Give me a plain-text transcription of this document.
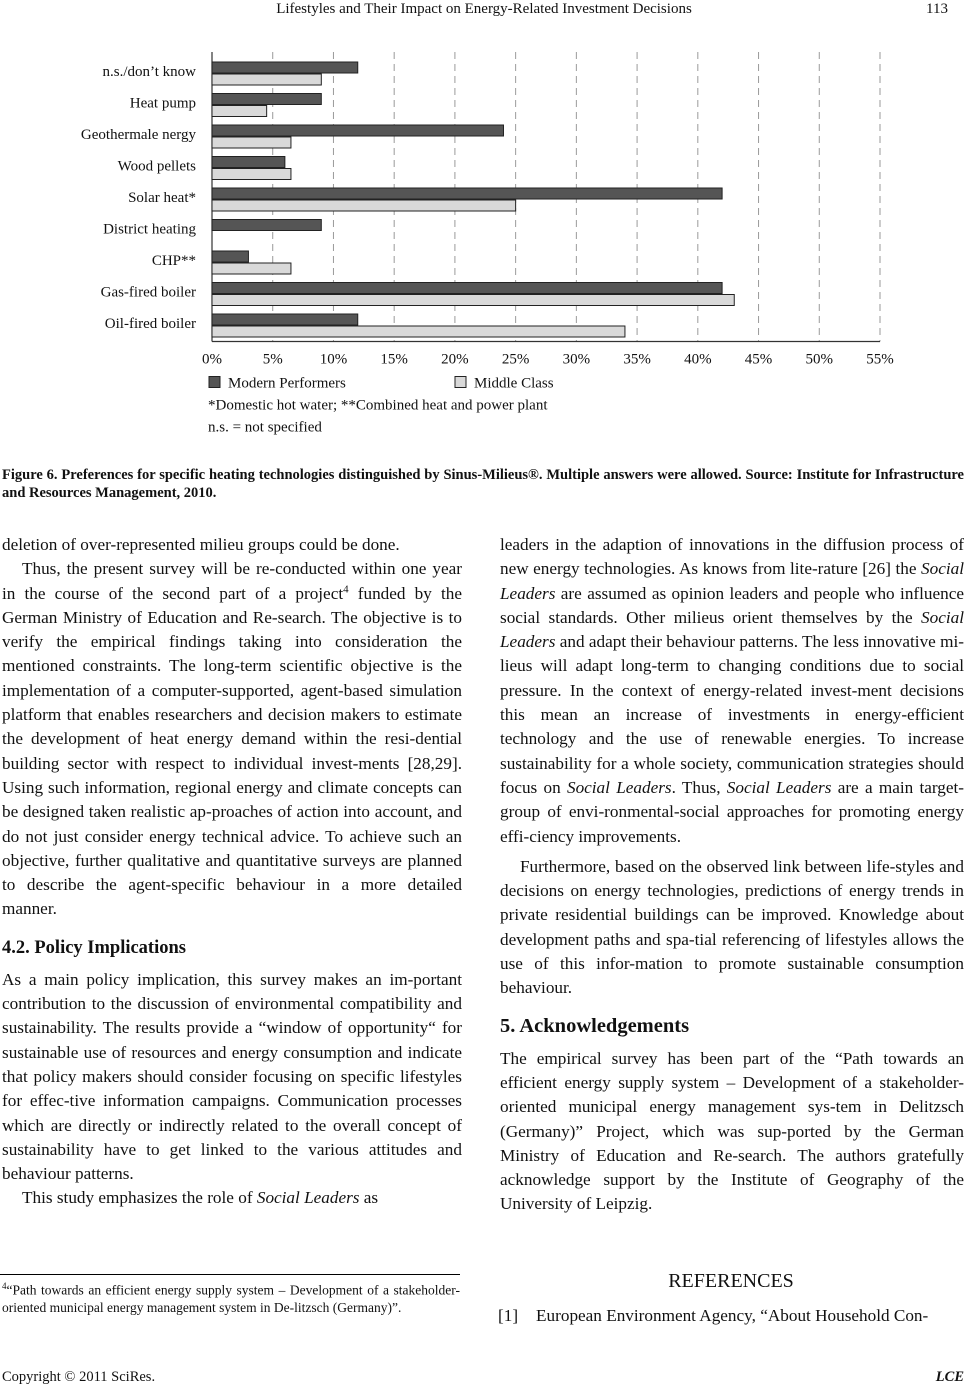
Lifestyles and Their Impact on Energy-Related Investment Decisions	113
n.s./don’t know
Heat pump
Geothermale nergy
Wood pellets
Solar heat*
District heating
CHP**
Gas-fired boiler
Oil-fired boiler
0%	5% 10% 15% 20% 25% 30% 35% 40% 45% 50% 55%
Modern Performers	Middle Class
*Domestic hot water; **Combined heat and power plant
n.s. = not specified
Figure 6. Preferences for specific heating technologies distinguished by Sinus-Milieus®. Multiple answers were allowed. Source: Institute for Infrastructure and Resources Management, 2010.

deletion of over-represented milieu groups could be done.

Thus, the present survey will be re-conducted within one year in the course of the second part of a project$^4$ funded by the German Ministry of Education and Re-search. The objective is to verify the empirical findings taking into consideration the mentioned constraints. The long-term scientific objective is the implementation of a computer-supported, agent-based simulation platform that enables researchers and decision makers to estimate the development of heat energy demand within the resi-dential building sector with respect to individual invest-ments [28,29]. Using such information, regional energy and climate concepts can be designed taken realistic ap-proaches of action into account, and do not just consider energy technical advice. To achieve such an objective, further qualitative and quantitative surveys are planned to describe the agent-specific behaviour in a more detailed manner.

4.2. Policy Implications

As a main policy implication, this survey makes an im-portant contribution to the discussion of environmental compatibility and sustainability. The results provide a “window of opportunity“ for sustainable use of resources and energy consumption and indicate that policy makers should consider focusing on specific lifestyles for effec-tive information campaigns. Communication processes which are directly or indirectly related to the overall concept of sustainability have to get linked to the various attitudes and behaviour patterns.

This study emphasizes the role of Social Leaders as

$^4$“Path towards an efficient energy supply system – Development of a stakeholder-oriented municipal energy management system in De-litzsch (Germany)”.

leaders in the adaption of innovations in the diffusion process of new energy technologies. As knows from lite-rature [26] the Social Leaders are assumed as opinion leaders and people who influence social standards. Other milieus orient themselves by the Social Leaders and adapt their behaviour patterns. The less innovative mi-lieus will adapt long-term to changing conditions due to social pressure. In the context of energy-related invest-ment decisions this mean an increase of investments in energy-efficient technology and the use of renewable energies. To increase sustainability for a whole society, communication strategies should focus on Social Leaders. Thus, Social Leaders are a main target-group of envi-ronmental-social approaches for promoting energy effi-ciency improvements.

Furthermore, based on the observed link between life-styles and decisions on energy technologies, predictions of energy trends in private residential buildings can be improved. Knowledge about development paths and spa-tial referencing of lifestyles allows the use of this infor-mation to promote sustainable consumption behaviour.

5. Acknowledgements

The empirical survey has been part of the “Path towards an efficient energy supply system – Development of a stakeholder-oriented municipal energy management sys-tem in Delitzsch (Germany)” Project, which was sup-ported by the German Ministry of Education and Re-search. The authors gratefully acknowledge support by the Institute of Geography of the University of Leipzig.

REFERENCES
[1] European Environment Agency, “About Household Con-
Copyright © 2011 SciRes.	LCE
